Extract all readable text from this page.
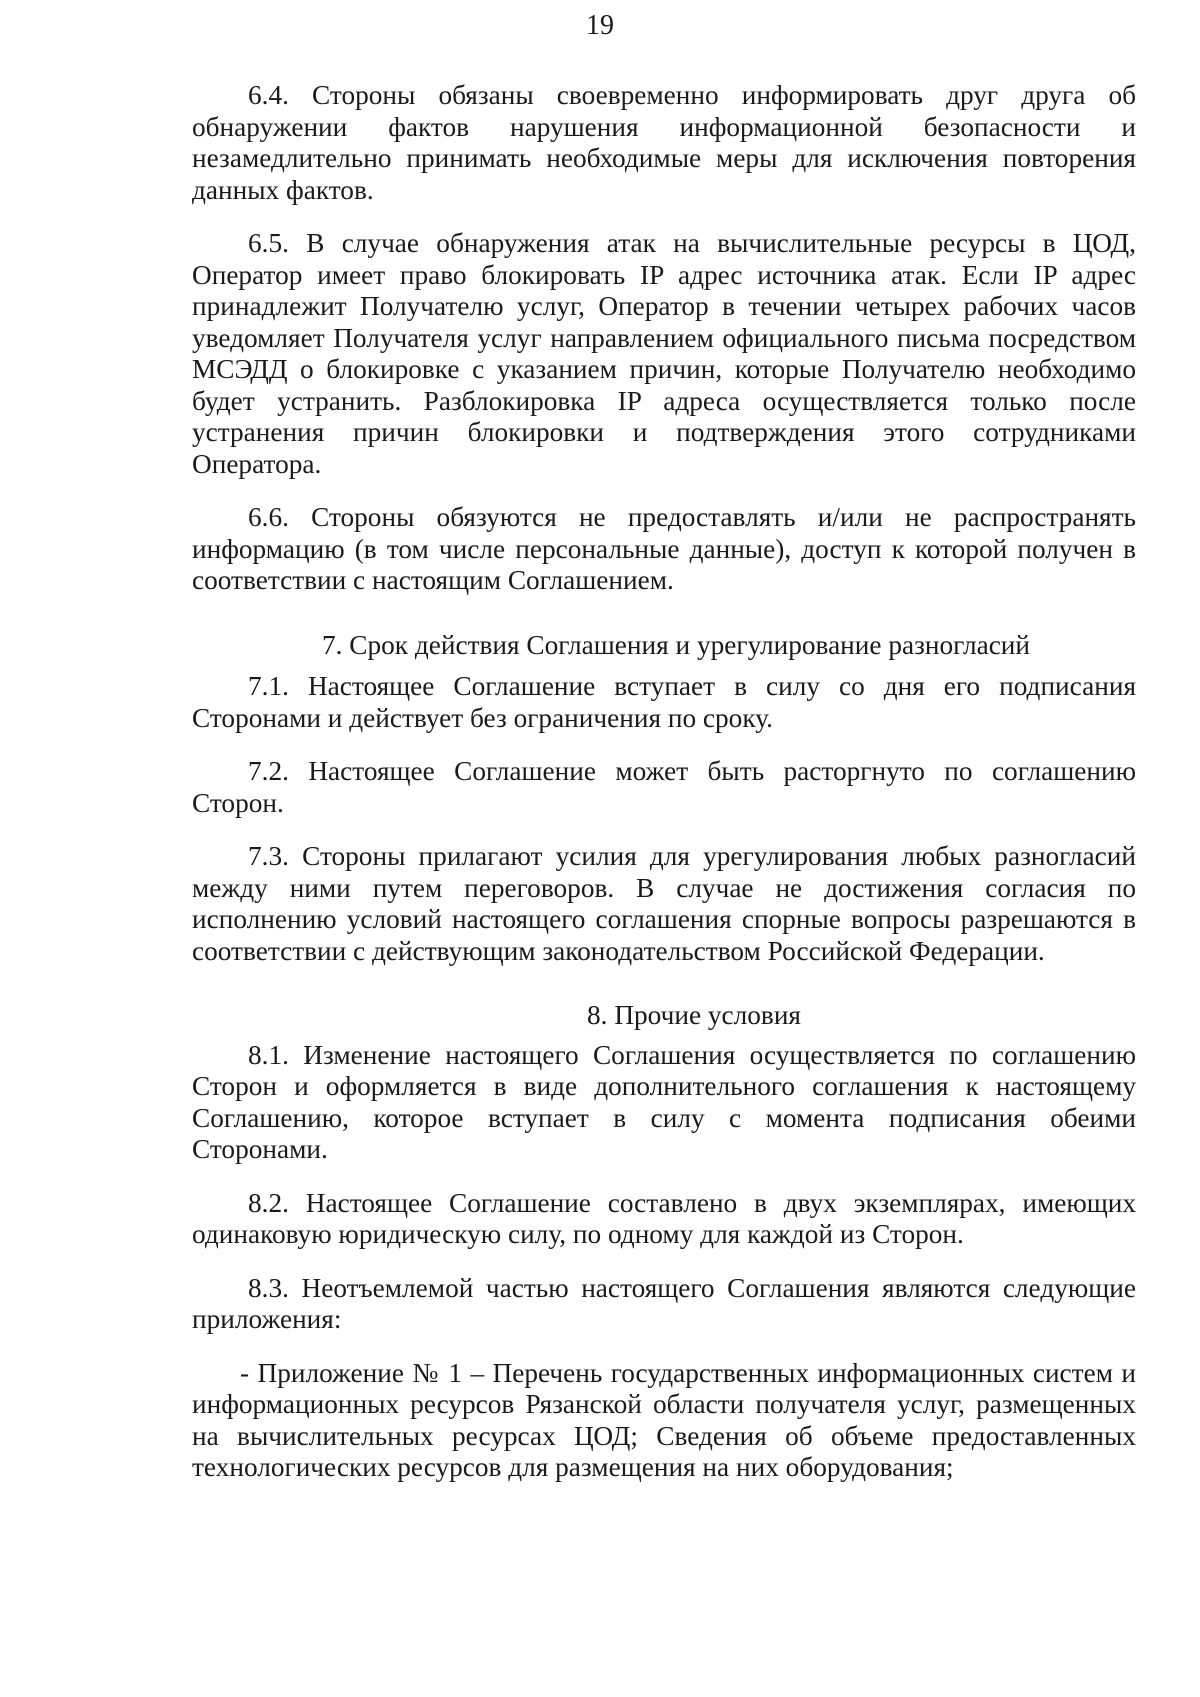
19

6.4. Стороны обязаны своевременно информировать друг друга об обнаружении фактов нарушения информационной безопасности и незамедлительно принимать необходимые меры для исключения повторения данных фактов.

6.5. В случае обнаружения атак на вычислительные ресурсы в ЦОД, Оператор имеет право блокировать IP адрес источника атак. Если IP адрес принадлежит Получателю услуг, Оператор в течении четырех рабочих часов уведомляет Получателя услуг направлением официального письма посредством МСЭДД о блокировке с указанием причин, которые Получателю необходимо будет устранить. Разблокировка IP адреса осуществляется только после устранения причин блокировки и подтверждения этого сотрудниками Оператора.

6.6. Стороны обязуются не предоставлять и/или не распространять информацию (в том числе персональные данные), доступ к которой получен в соответствии с настоящим Соглашением.

7. Срок действия Соглашения и урегулирование разногласий

7.1. Настоящее Соглашение вступает в силу со дня его подписания Сторонами и действует без ограничения по сроку.

7.2. Настоящее Соглашение может быть расторгнуто по соглашению Сторон.

7.3. Стороны прилагают усилия для урегулирования любых разногласий между ними путем переговоров. В случае не достижения согласия по исполнению условий настоящего соглашения спорные вопросы разрешаются в соответствии с действующим законодательством Российской Федерации.

8. Прочие условия

8.1. Изменение настоящего Соглашения осуществляется по соглашению Сторон и оформляется в виде дополнительного соглашения к настоящему Соглашению, которое вступает в силу с момента подписания обеими Сторонами.

8.2. Настоящее Соглашение составлено в двух экземплярах, имеющих одинаковую юридическую силу, по одному для каждой из Сторон.

8.3. Неотъемлемой частью настоящего Соглашения являются следующие приложения:

- Приложение № 1 – Перечень государственных информационных систем и информационных ресурсов Рязанской области получателя услуг, размещенных на вычислительных ресурсах ЦОД; Сведения об объеме предоставленных технологических ресурсов для размещения на них оборудования;
